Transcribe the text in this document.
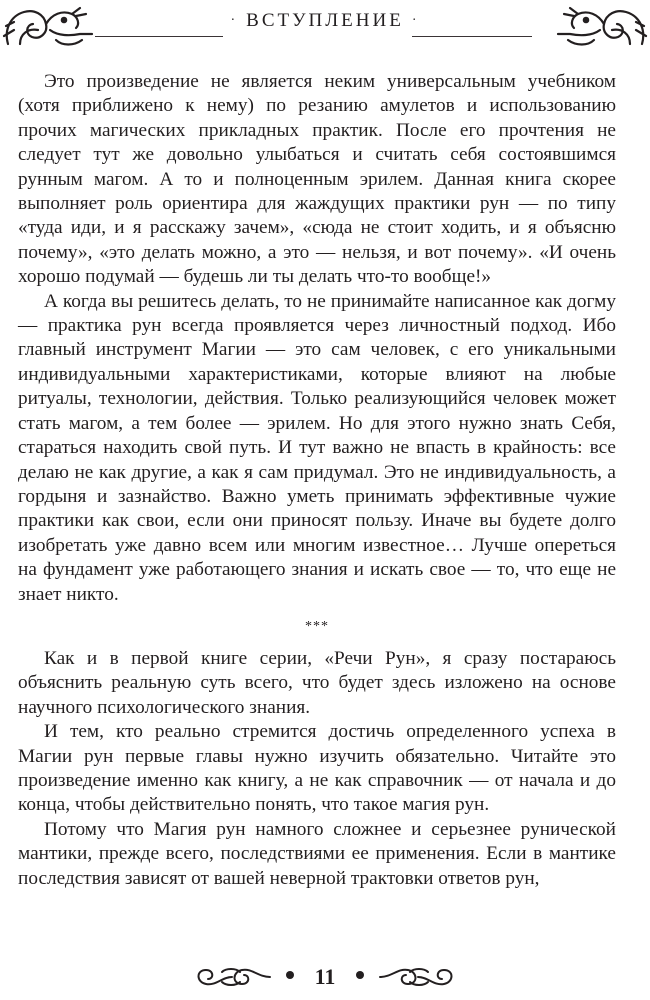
· ВСТУПЛЕНИЕ ·

Это произведение не является неким универсальным учебником (хотя приближено к нему) по резанию амулетов и использованию прочих магических прикладных практик. После его прочтения не следует тут же довольно улыбаться и считать себя состоявшимся рунным магом. А то и полноценным эрилем. Данная книга скорее выполняет роль ориентира для жаждущих практики рун — по типу «туда иди, и я расскажу зачем», «сюда не стоит ходить, и я объясню почему», «это делать можно, а это — нельзя, и вот почему». «И очень хорошо подумай — будешь ли ты делать что-то вообще!»

А когда вы решитесь делать, то не принимайте написанное как догму — практика рун всегда проявляется через личностный подход. Ибо главный инструмент Магии — это сам человек, с его уникальными индивидуальными характеристиками, которые влияют на любые ритуалы, технологии, действия. Только реализующийся человек может стать магом, а тем более — эрилем. Но для этого нужно знать Себя, стараться находить свой путь. И тут важно не впасть в крайность: все делаю не как другие, а как я сам придумал. Это не индивидуальность, а гордыня и зазнайство. Важно уметь принимать эффективные чужие практики как свои, если они приносят пользу. Иначе вы будете долго изобретать уже давно всем или многим известное… Лучше опереться на фундамент уже работающего знания и искать свое — то, что еще не знает никто.

***

Как и в первой книге серии, «Речи Рун», я сразу постараюсь объяснить реальную суть всего, что будет здесь изложено на основе научного психологического знания.

И тем, кто реально стремится достичь определенного успеха в Магии рун первые главы нужно изучить обязательно. Читайте это произведение именно как книгу, а не как справочник — от начала и до конца, чтобы действительно понять, что такое магия рун.

Потому что Магия рун намного сложнее и серьезнее рунической мантики, прежде всего, последствиями ее применения. Если в мантике последствия зависят от вашей неверной трактовки ответов рун,

11
